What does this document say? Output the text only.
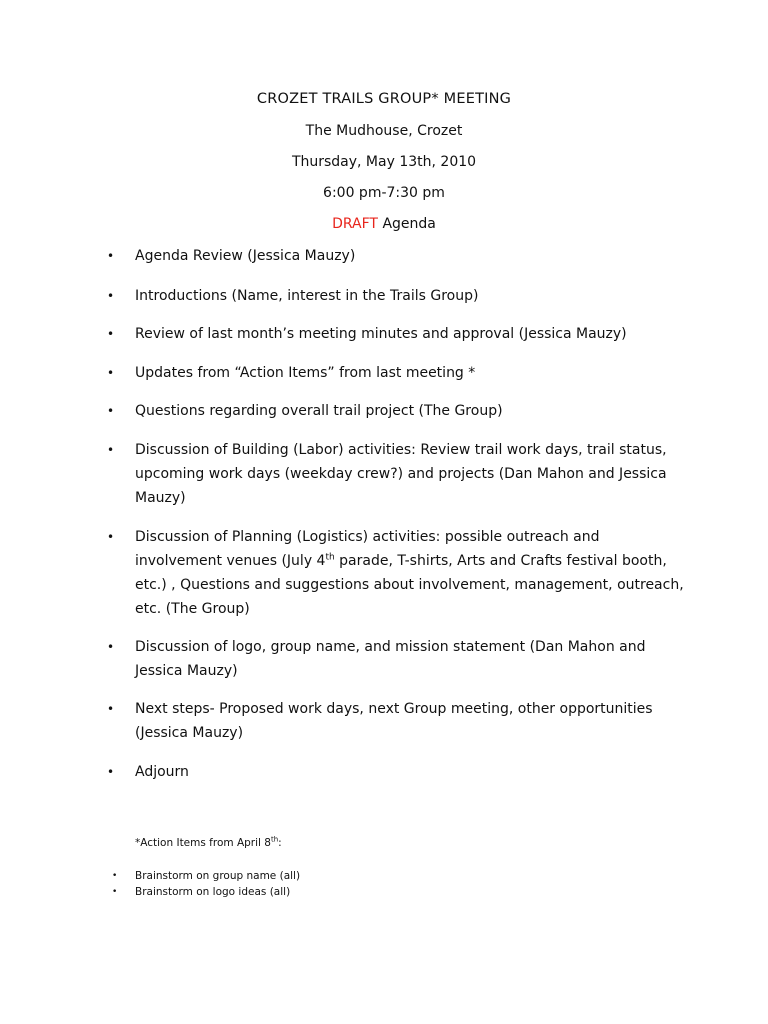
CROZET TRAILS GROUP* MEETING
The Mudhouse, Crozet
Thursday, May 13th, 2010
6:00 pm-7:30 pm
DRAFT Agenda
• Agenda Review (Jessica Mauzy)
• Introductions (Name, interest in the Trails Group)
• Review of last month’s meeting minutes and approval (Jessica Mauzy)
• Updates from “Action Items” from last meeting *
• Questions regarding overall trail project (The Group)
• Discussion of Building (Labor) activities: Review trail work days, trail status,
upcoming work days (weekday crew?) and projects (Dan Mahon and Jessica
Mauzy)
• Discussion of Planning (Logistics) activities: possible outreach and
involvement venues (July 4th parade, T-shirts, Arts and Crafts festival booth,
etc.) , Questions and suggestions about involvement, management, outreach,
etc. (The Group)
• Discussion of logo, group name, and mission statement (Dan Mahon and
Jessica Mauzy)
• Next steps- Proposed work days, next Group meeting, other opportunities
(Jessica Mauzy)
• Adjourn
*Action Items from April 8th:
• Brainstorm on group name (all)
• Brainstorm on logo ideas (all)
